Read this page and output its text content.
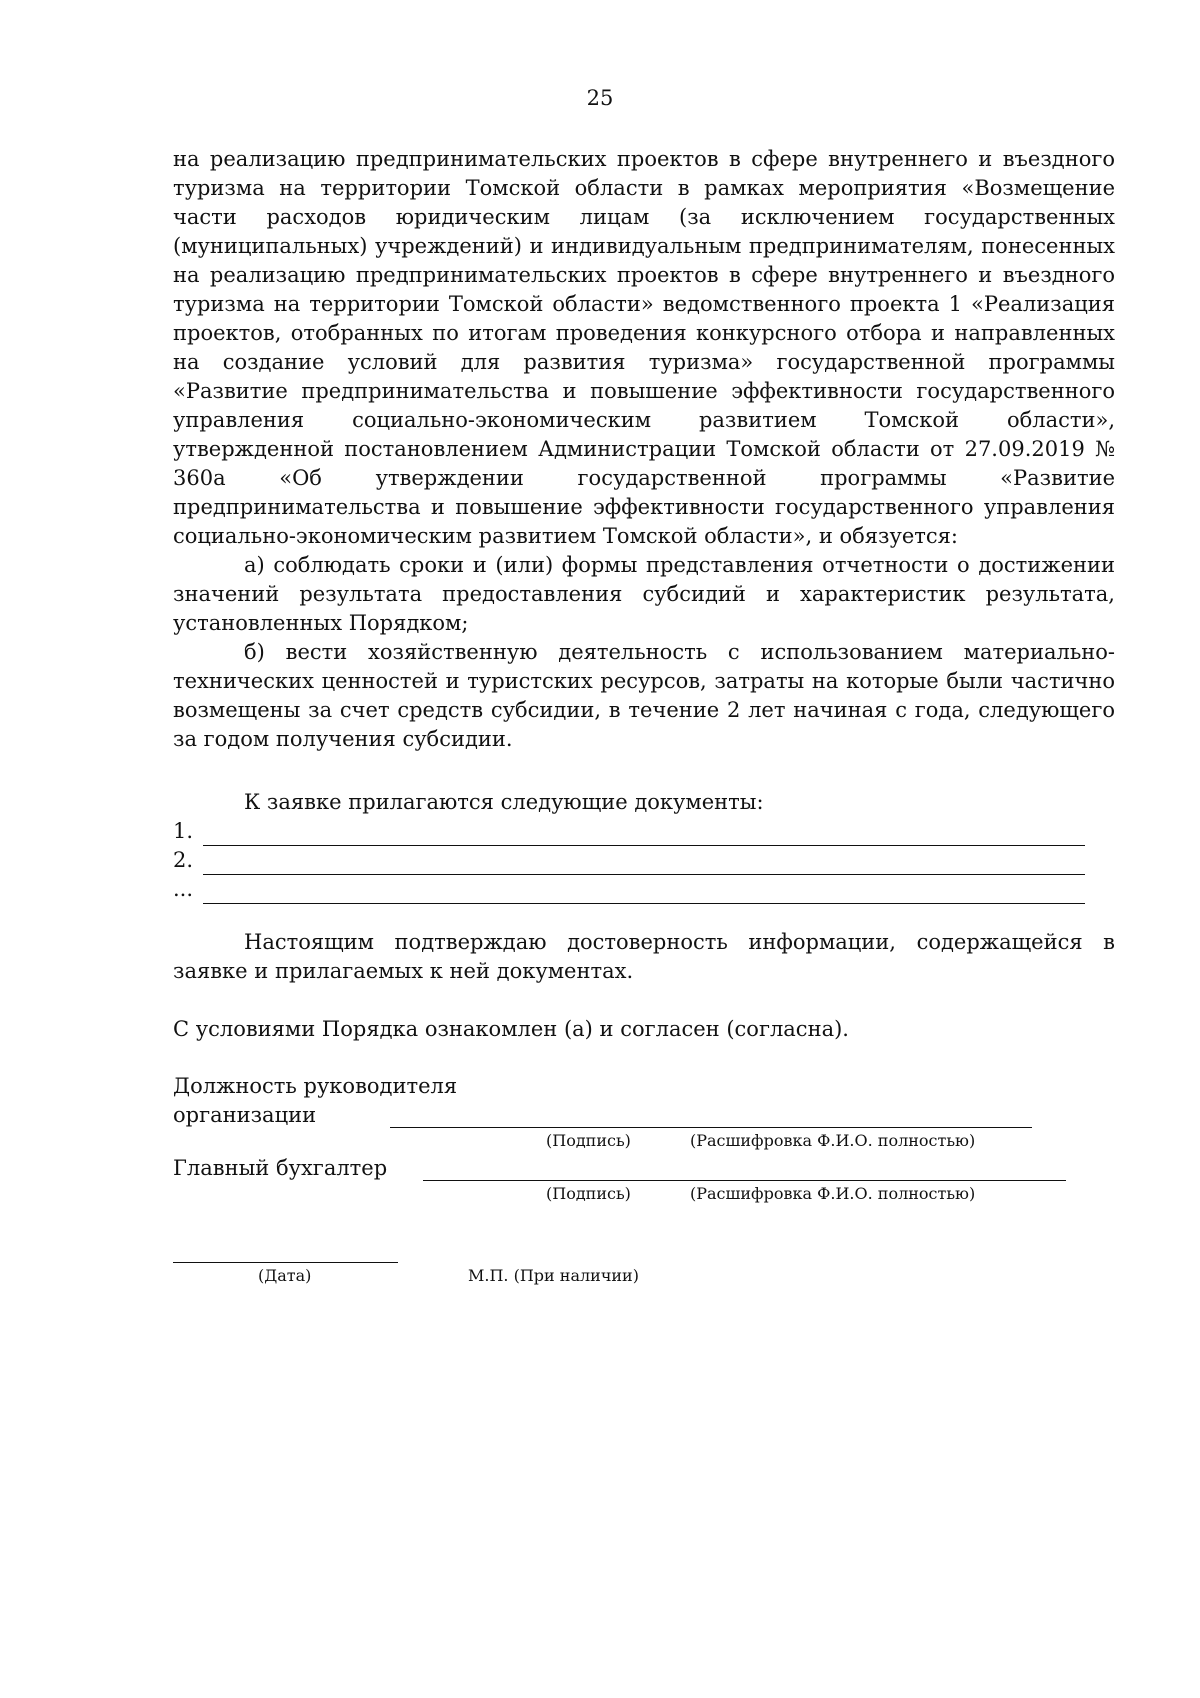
25

на реализацию предпринимательских проектов в сфере внутреннего и въездного туризма на территории Томской области в рамках мероприятия «Возмещение части расходов юридическим лицам (за исключением государственных (муниципальных) учреждений) и индивидуальным предпринимателям, понесенных на реализацию предпринимательских проектов в сфере внутреннего и въездного туризма на территории Томской области» ведомственного проекта 1 «Реализация проектов, отобранных по итогам проведения конкурсного отбора и направленных на создание условий для развития туризма» государственной программы «Развитие предпринимательства и повышение эффективности государственного управления социально-экономическим развитием Томской области», утвержденной постановлением Администрации Томской области от 27.09.2019 № 360а «Об утверждении государственной программы «Развитие предпринимательства и повышение эффективности государственного управления социально-экономическим развитием Томской области», и обязуется:

а) соблюдать сроки и (или) формы представления отчетности о достижении значений результата предоставления субсидий и характеристик результата, установленных Порядком;

б) вести хозяйственную деятельность с использованием материально-технических ценностей и туристских ресурсов, затраты на которые были частично возмещены за счет средств субсидии, в течение 2 лет начиная с года, следующего за годом получения субсидии.

К заявке прилагаются следующие документы:

1.
2.
...

Настоящим подтверждаю достоверность информации, содержащейся в заявке и прилагаемых к ней документах.

С условиями Порядка ознакомлен (а) и согласен (согласна).

Должность руководителя

организации

(Подпись)	(Расшифровка Ф.И.О. полностью)

Главный бухгалтер

(Подпись)	(Расшифровка Ф.И.О. полностью)

(Дата)	М.П. (При наличии)
